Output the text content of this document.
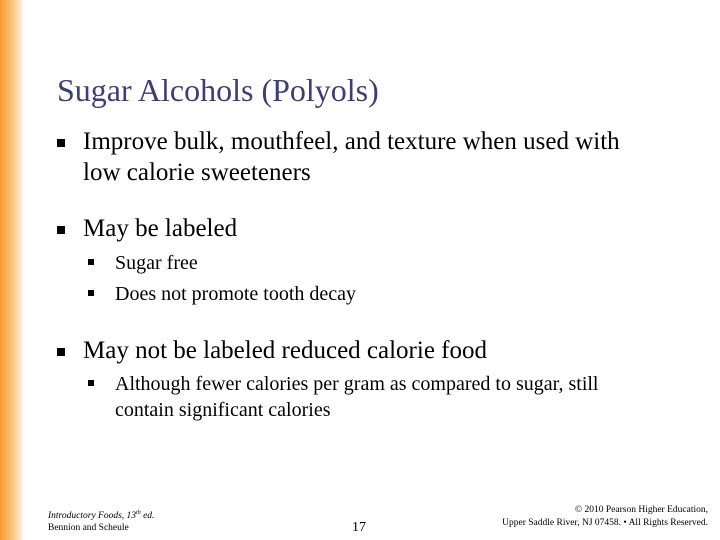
Sugar Alcohols (Polyols)
Improve bulk, mouthfeel, and texture when used with
low calorie sweeteners
May be labeled
Sugar free
Does not promote tooth decay
May not be labeled reduced calorie food
Although fewer calories per gram as compared to sugar, still
contain significant calories
Introductory Foods, 13th ed.
Bennion and Scheule	17
© 2010 Pearson Higher Education,
Upper Saddle River, NJ 07458. • All Rights Reserved.
